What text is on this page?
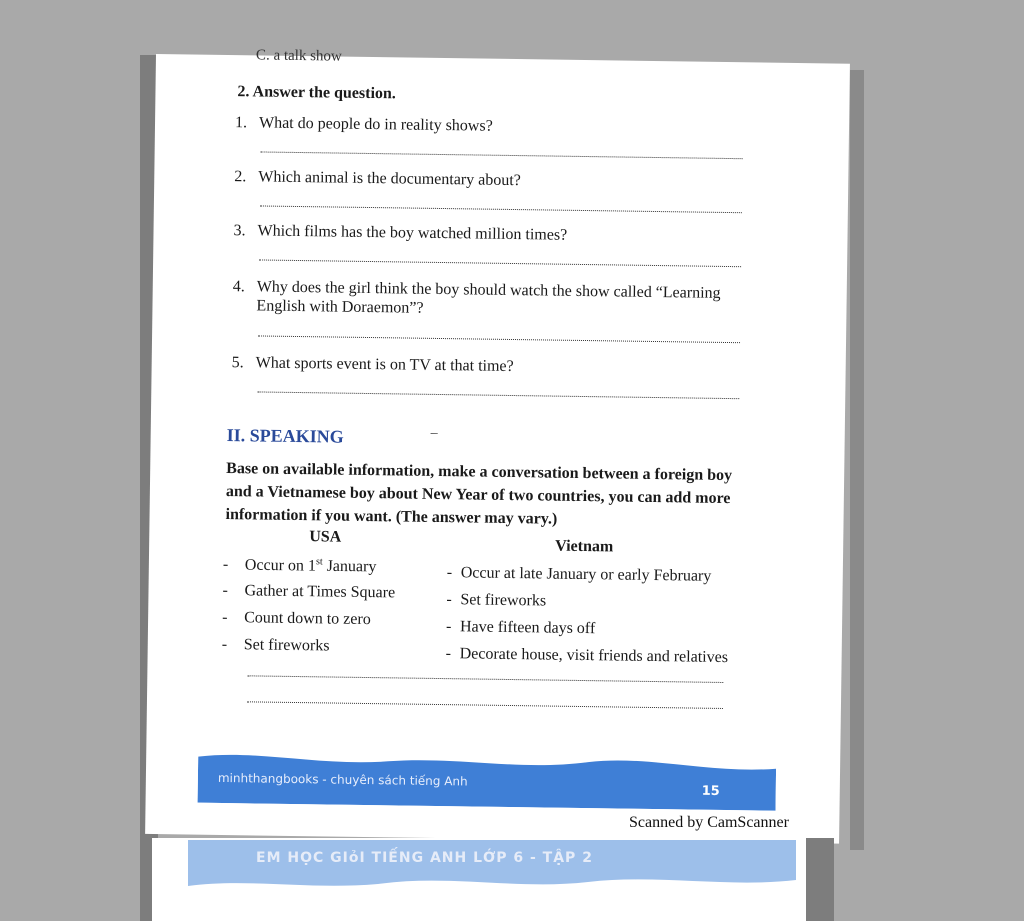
C. a talk show
2. Answer the question.
1. What do people do in reality shows?
2. Which animal is the documentary about?
3. Which films has the boy watched million times?
4. Why does the girl think the boy should watch the show called “Learning English with Doraemon”?
5. What sports event is on TV at that time?
II. SPEAKING	–
Base on available information, make a conversation between a foreign boy and a Vietnamese boy about New Year of two countries, you can add more information if you want. (The answer may vary.)
USA
Vietnam
- Occur on 1st January
- Gather at Times Square
- Count down to zero
- Set fireworks
- Occur at late January or early February
- Set fireworks
- Have fifteen days off
- Decorate house, visit friends and relatives
minhthangbooks - chuyên sách tiếng Anh
15
Scanned by CamScanner
EM HỌC GIỏI TIẾNG ANH LỚP 6 - TẬP 2
